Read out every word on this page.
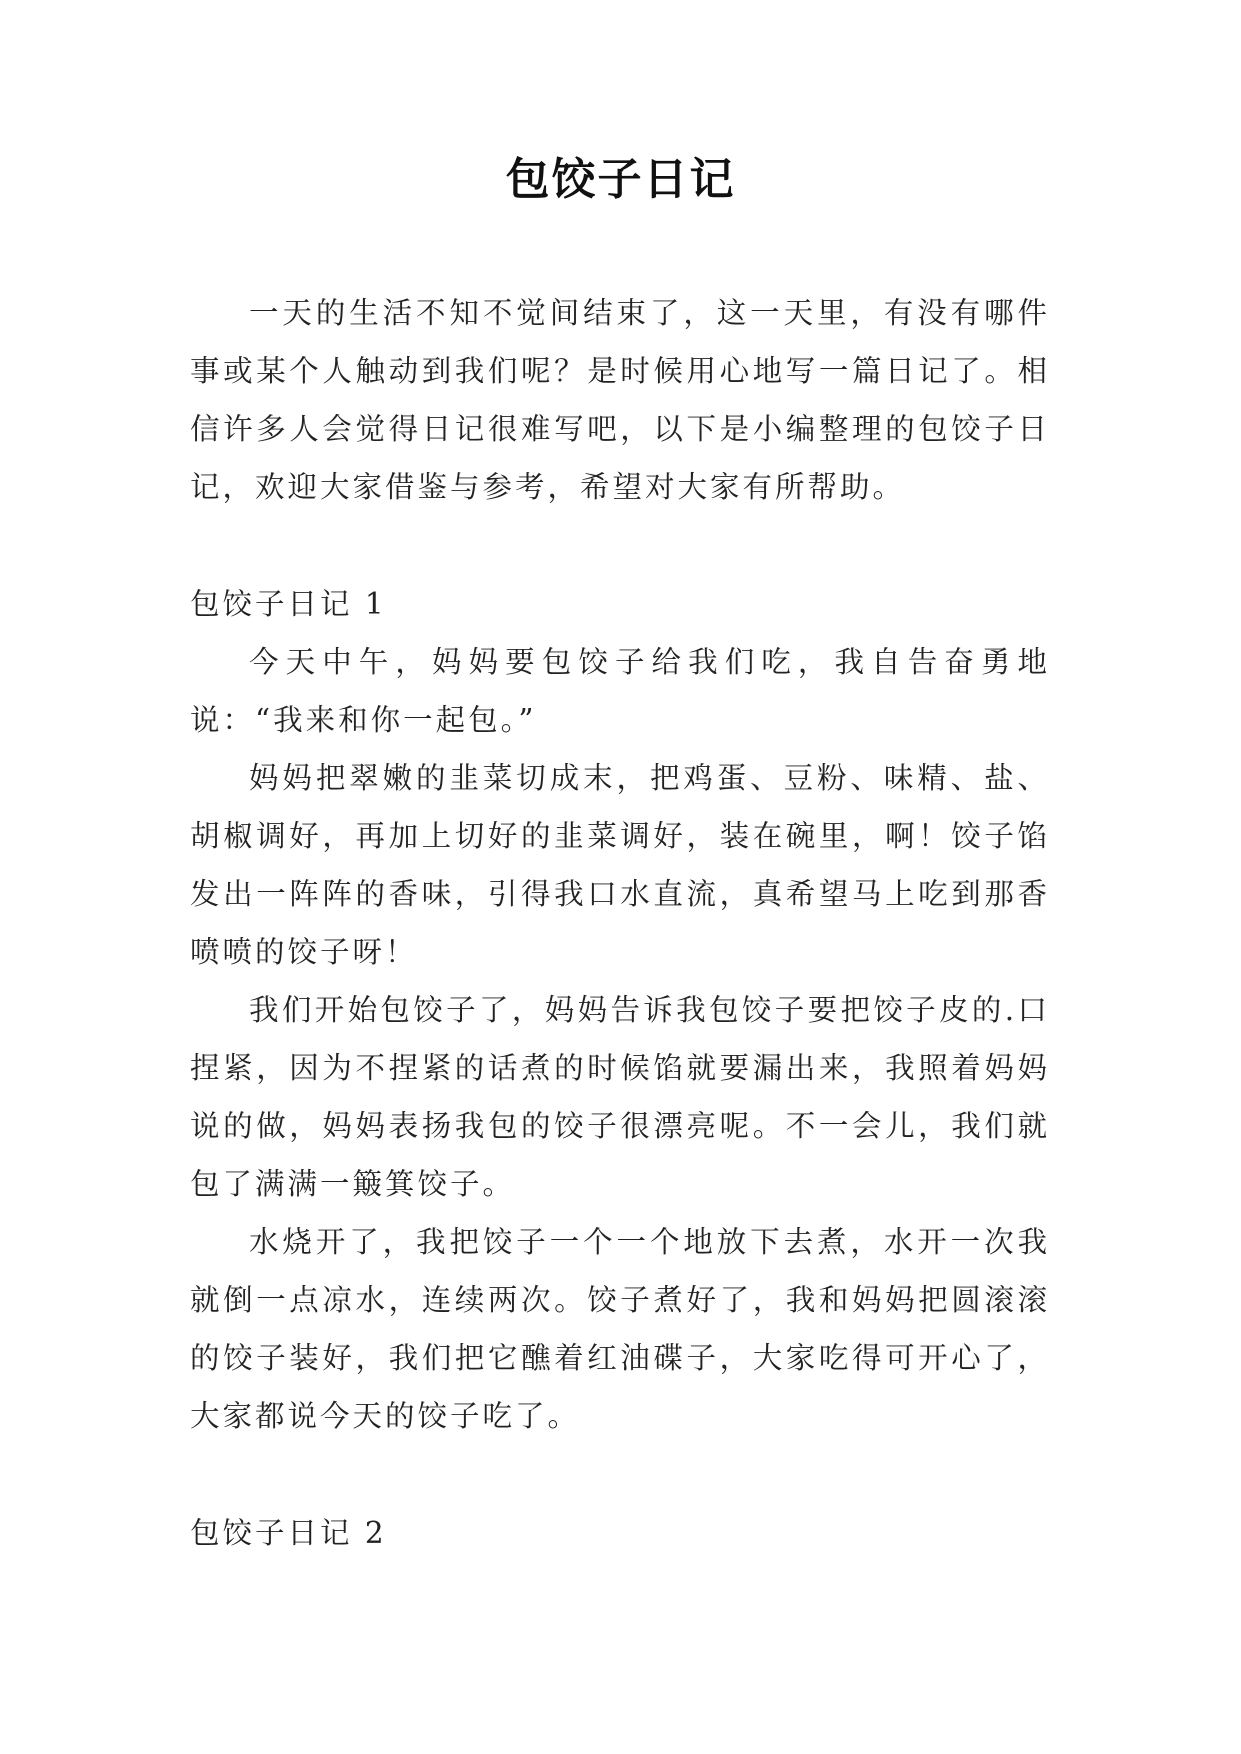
包饺子日记

一天的生活不知不觉间结束了，这一天里，有没有哪件事或某个人触动到我们呢？是时候用心地写一篇日记了。相信许多人会觉得日记很难写吧，以下是小编整理的包饺子日记，欢迎大家借鉴与参考，希望对大家有所帮助。

包饺子日记 1

今天中午，妈妈要包饺子给我们吃，我自告奋勇地说：“我来和你一起包。”

妈妈把翠嫩的韭菜切成末，把鸡蛋、豆粉、味精、盐、胡椒调好，再加上切好的韭菜调好，装在碗里，啊！饺子馅发出一阵阵的香味，引得我口水直流，真希望马上吃到那香喷喷的饺子呀！

我们开始包饺子了，妈妈告诉我包饺子要把饺子皮的.口捏紧，因为不捏紧的话煮的时候馅就要漏出来，我照着妈妈说的做，妈妈表扬我包的饺子很漂亮呢。不一会儿，我们就包了满满一簸箕饺子。

水烧开了，我把饺子一个一个地放下去煮，水开一次我就倒一点凉水，连续两次。饺子煮好了，我和妈妈把圆滚滚的饺子装好，我们把它醮着红油碟子，大家吃得可开心了，大家都说今天的饺子吃了。

包饺子日记 2
